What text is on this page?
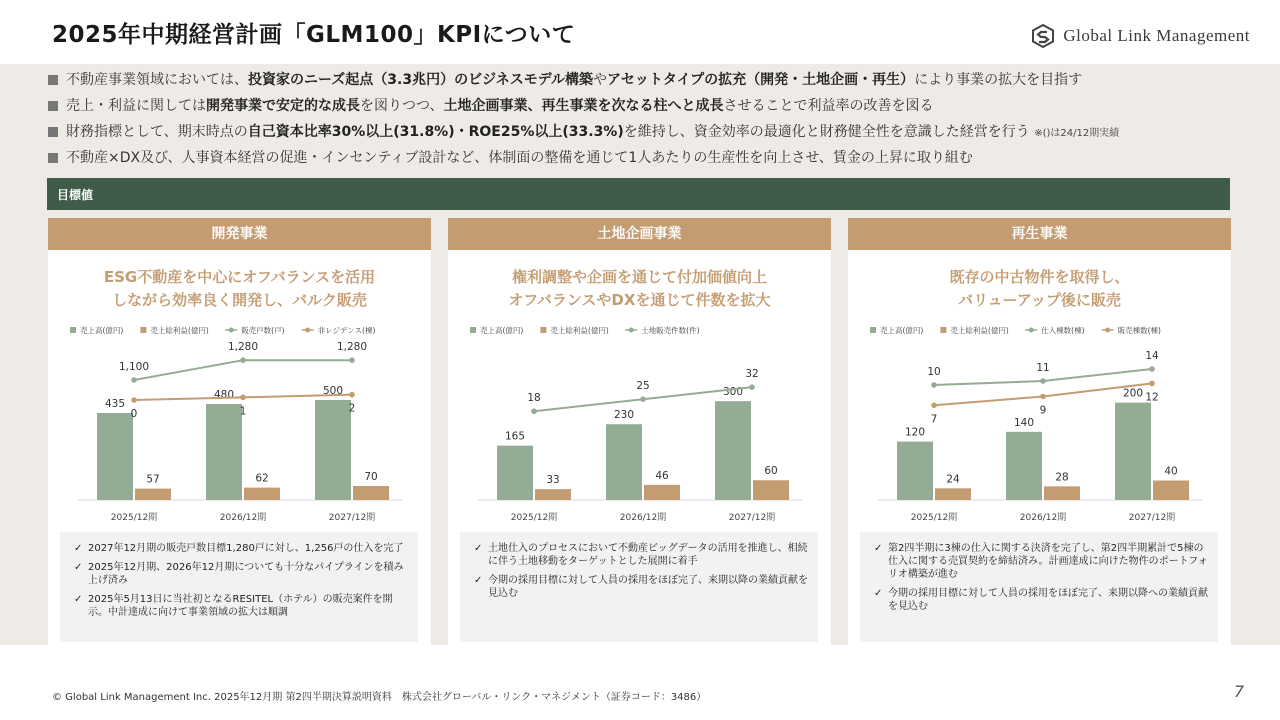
2025年中期経営計画「GLM100」KPIについて	Global Link Management
不動産事業領域においては、投資家のニーズ起点（3.3兆円）のビジネスモデル構築やアセットタイプの拡充（開発・土地企画・再生）により事業の拡大を目指す
売上・利益に関しては開発事業で安定的な成長を図りつつ、土地企画事業、再生事業を次なる柱へと成長させることで利益率の改善を図る
財務指標として、期末時点の自己資本比率30%以上(31.8%)・ROE25%以上(33.3%)を維持し、資金効率の最適化と財務健全性を意識した経営を行う ※()は24/12期実績
不動産×DX及び、人事資本経営の促進・インセンティブ設計など、体制面の整備を通じて1人あたりの生産性を向上させ、賃金の上昇に取り組む
目標値
開発事業
ESG不動産を中心にオフバランスを活用
しながら効率良く開発し、バルク販売
売上高(億円)	売上総利益(億円)	販売戸数(戸)	非レジデンス(棟)
435
480	500
57	62	70
1,100
1,280	1,280
0	1	2
2025/12期	2026/12期	2027/12期
✓ 2027年12月期の販売戸数目標1,280戸に対し、1,256戸の仕入を完了
✓ 2025年12月期、2026年12月期についても十分なパイプラインを積み上げ済み
✓ 2025年5月13日に当社初となるRESITEL（ホテル）の販売案件を開示。中計達成に向けて事業領域の拡大は順調
土地企画事業
権利調整や企画を通じて付加価値向上
オフバランスやDXを通じて件数を拡大
売上高(億円)	売上総利益(億円)	土地販売件数(件)
165
230
300
33	46	60
18
25
32
2025/12期	2026/12期	2027/12期
✓ 土地仕入のプロセスにおいて不動産ビッグデータの活用を推進し、相続に伴う土地移動をターゲットとした展開に着手
✓ 今期の採用目標に対して人員の採用をほぼ完了、来期以降の業績貢献を見込む
再生事業
既存の中古物件を取得し、
バリューアップ後に販売
売上高(億円)	売上総利益(億円)	仕入棟数(棟)	販売棟数(棟)
120
140
200
24	28	40
10	11
14
7
9
12
2025/12期	2026/12期	2027/12期
✓ 第2四半期に3棟の仕入に関する決済を完了し、第2四半期累計で5棟の仕入に関する売買契約を締結済み。計画達成に向けた物件のポートフォリオ構築が進む
✓ 今期の採用目標に対して人員の採用をほぼ完了、来期以降への業績貢献を見込む
© Global Link Management Inc. 2025年12月期 第2四半期決算説明資料　株式会社グローバル・リンク・マネジメント（証券コード：3486）	7
